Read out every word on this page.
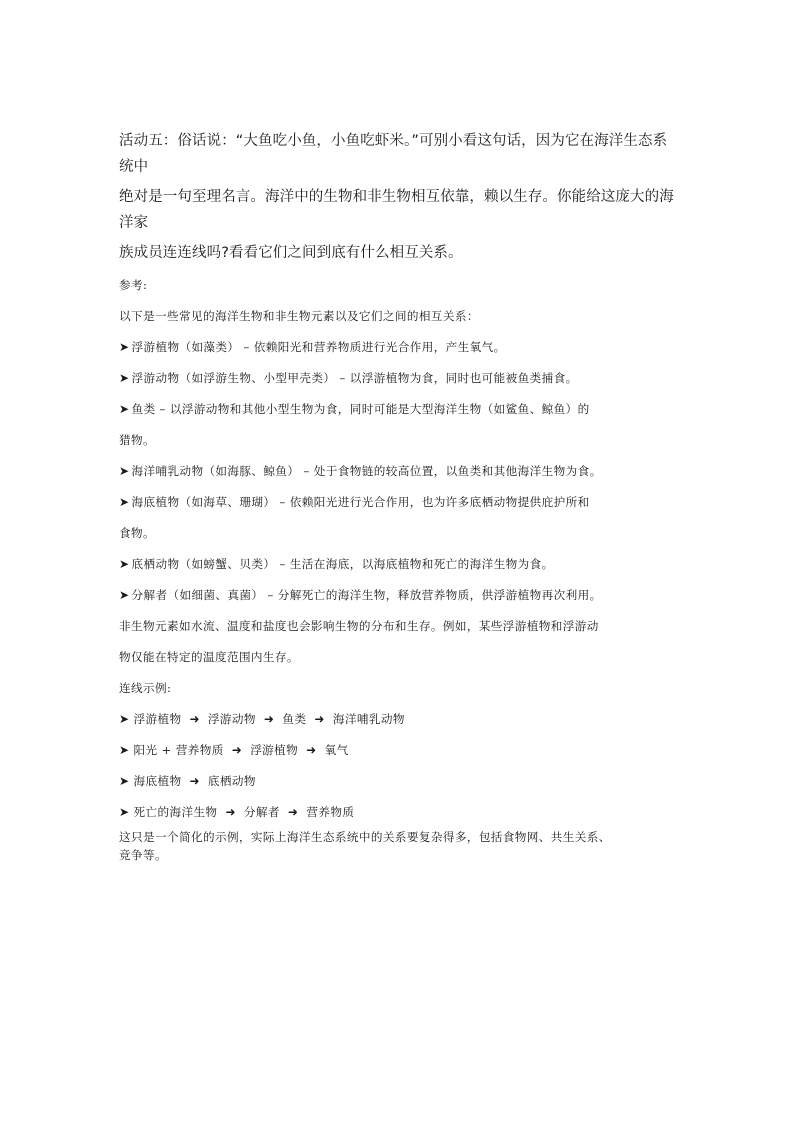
活动五：俗话说：“大鱼吃小鱼，小鱼吃虾米。”可别小看这句话，因为它在海洋生态系统中

绝对是一句至理名言。海洋中的生物和非生物相互依靠，赖以生存。你能给这庞大的海洋家

族成员连连线吗?看看它们之间到底有什么相互关系。

参考:

以下是一些常见的海洋生物和非生物元素以及它们之间的相互关系：

➤ 浮游植物（如藻类） – 依赖阳光和营养物质进行光合作用，产生氧气。

➤ 浮游动物（如浮游生物、小型甲壳类） – 以浮游植物为食，同时也可能被鱼类捕食。

➤ 鱼类 – 以浮游动物和其他小型生物为食，同时可能是大型海洋生物（如鲨鱼、鲸鱼）的

猎物。

➤ 海洋哺乳动物（如海豚、鲸鱼） – 处于食物链的较高位置，以鱼类和其他海洋生物为食。

➤ 海底植物（如海草、珊瑚） – 依赖阳光进行光合作用，也为许多底栖动物提供庇护所和

食物。

➤ 底栖动物（如螃蟹、贝类） – 生活在海底，以海底植物和死亡的海洋生物为食。

➤ 分解者（如细菌、真菌） – 分解死亡的海洋生物，释放营养物质，供浮游植物再次利用。

非生物元素如水流、温度和盐度也会影响生物的分布和生存。例如，某些浮游植物和浮游动

物仅能在特定的温度范围内生存。

连线示例:

➤ 浮游植物 ➜ 浮游动物 ➜ 鱼类 ➜ 海洋哺乳动物

➤ 阳光 + 营养物质 ➜ 浮游植物 ➜ 氧气

➤ 海底植物 ➜ 底栖动物

➤ 死亡的海洋生物 ➜ 分解者 ➜ 营养物质

这只是一个简化的示例，实际上海洋生态系统中的关系要复杂得多，包括食物网、共生关系、

竞争等。
